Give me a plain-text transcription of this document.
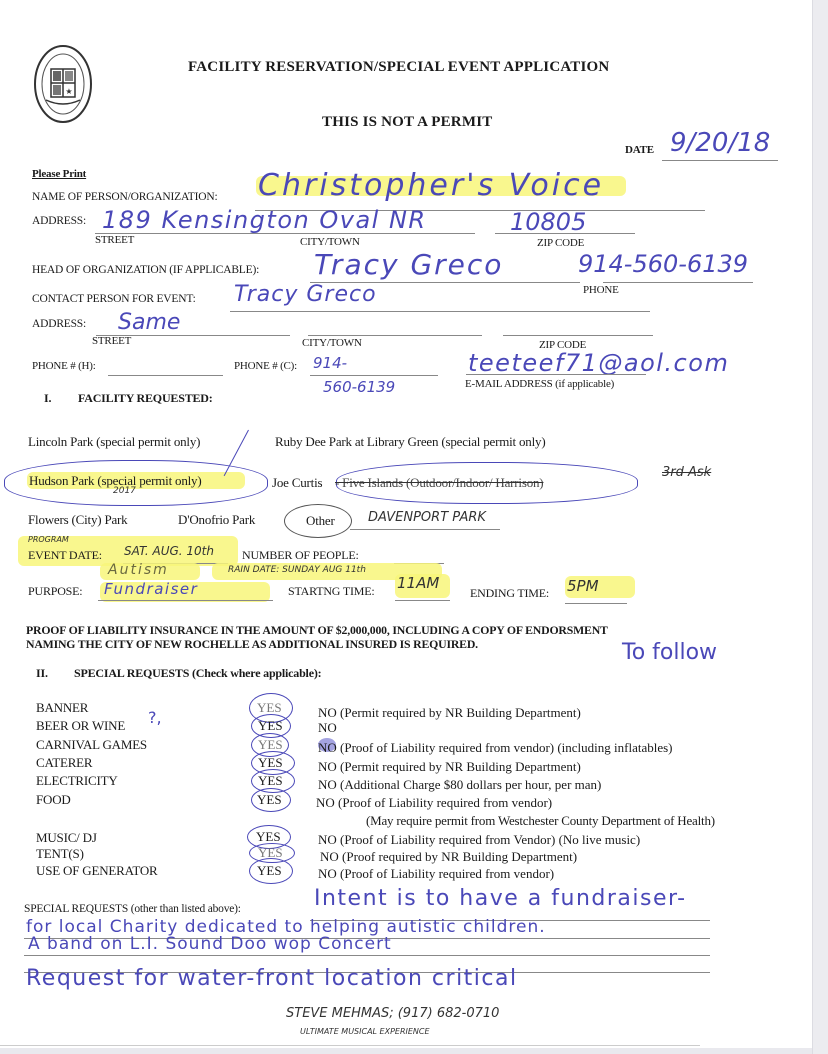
★
FACILITY RESERVATION/SPECIAL EVENT APPLICATION
THIS IS NOT A PERMIT
DATE 9/20/18
Please Print
NAME OF PERSON/ORGANIZATION: Christopher's Voice
ADDRESS: 189 Kensington Oval NR	10805
STREET	CITY/TOWN	ZIP CODE
HEAD OF ORGANIZATION (IF APPLICABLE): Tracy Greco	914-560-6139
PHONE
CONTACT PERSON FOR EVENT: Tracy Greco
ADDRESS: Same
STREET	CITY/TOWN	ZIP CODE
PHONE # (H):	PHONE # (C): 914-
560-6139
teeteef71@aol.com
E-MAIL ADDRESS (if applicable)
I. FACILITY REQUESTED:
Lincoln Park (special permit only)	Ruby Dee Park at Library Green (special permit only)
Hudson Park (special permit only)
2017
Joe Curtis - Five Islands (Outdoor/Indoor/ Harrison)
3rd Ask
Flowers (City) Park	D'Onofrio Park	Other	DAVENPORT PARK
PROGRAM
EVENT DATE: SAT. AUG. 10th NUMBER OF PEOPLE:
Autism	RAIN DATE: SUNDAY AUG 11th
PURPOSE: Fundraiser	STARTNG TIME: 11AM
ENDING TIME: 5PM
PROOF OF LIABILITY INSURANCE IN THE AMOUNT OF $2,000,000, INCLUDING A COPY OF ENDORSMENT
NAMING THE CITY OF NEW ROCHELLE AS ADDITIONAL INSURED IS REQUIRED.	To follow
II. SPECIAL REQUESTS (Check where applicable):
BANNER	YES	NO (Permit required by NR Building Department)
BEER OR WINE ?,	YES	NO
CARNIVAL GAMES	YES	NO (Proof of Liability required from vendor) (including inflatables)
CATERER	YES	NO (Permit required by NR Building Department)
ELECTRICITY	YES	NO (Additional Charge $80 dollars per hour, per man)
FOOD	YES	NO (Proof of Liability required from vendor)
(May require permit from Westchester County Department of Health)
MUSIC/ DJ	YES	NO (Proof of Liability required from Vendor) (No live music)
TENT(S)	YES	NO (Proof required by NR Building Department)
USE OF GENERATOR	YES	NO (Proof of Liability required from vendor)
SPECIAL REQUESTS (other than listed above):	Intent is to have a fundraiser-
for local Charity dedicated to helping autistic children.
A band on L.I. Sound Doo wop Concert
Request for water-front location critical
STEVE MEHMAS; (917) 682-0710
ULTIMATE MUSICAL EXPERIENCE
